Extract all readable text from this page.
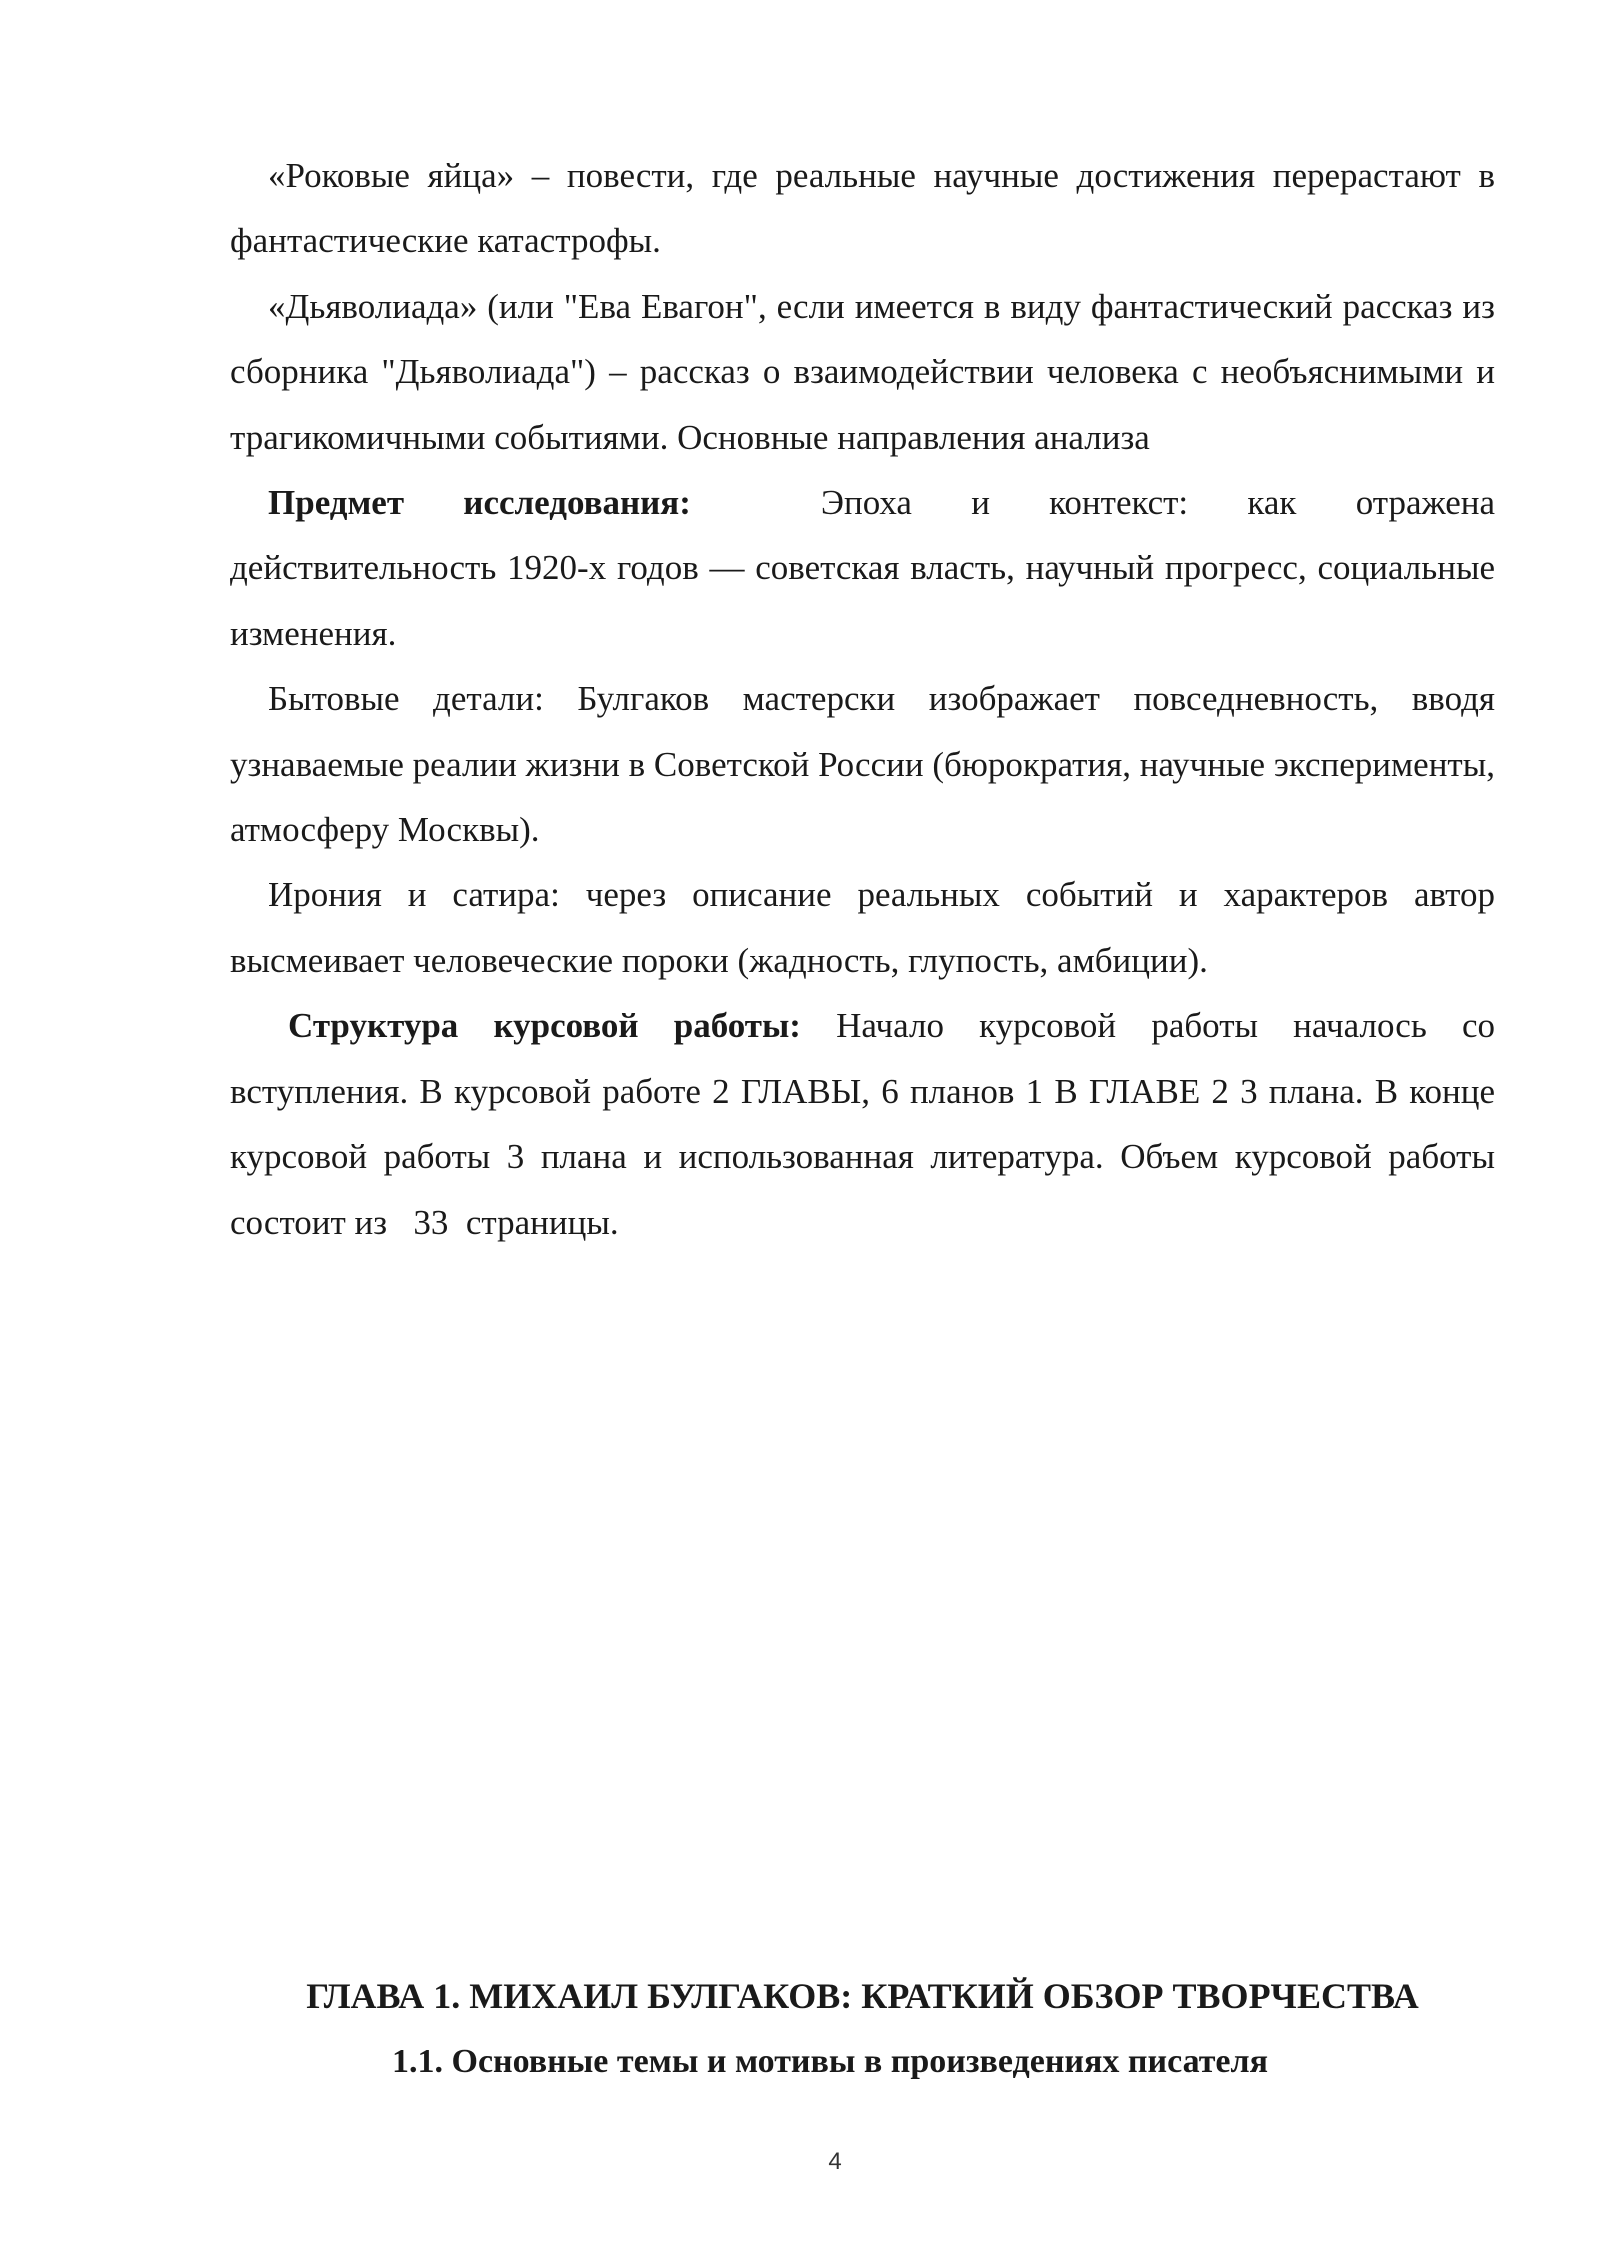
«Роковые яйца» – повести, где реальные научные достижения перерастают в фантастические катастрофы.

«Дьяволиада» (или "Ева Евагон", если имеется в виду фантастический рассказ из сборника "Дьяволиада") – рассказ о взаимодействии человека с необъяснимыми и трагикомичными событиями. Основные направления анализа

Предмет исследования:	Эпоха и контекст: как отражена действительность 1920-х годов — советская власть, научный прогресс, социальные изменения.

Бытовые детали: Булгаков мастерски изображает повседневность, вводя узнаваемые реалии жизни в Советской России (бюрократия, научные эксперименты, атмосферу Москвы).

Ирония и сатира: через описание реальных событий и характеров автор высмеивает человеческие пороки (жадность, глупость, амбиции).

Структура курсовой работы: Начало курсовой работы началось со вступления. В курсовой работе 2 ГЛАВЫ, 6 планов 1 В ГЛАВЕ 2 3 плана. В конце курсовой работы 3 плана и использованная литература. Объем курсовой работы состоит из   33  страницы.

ГЛАВА 1. МИХАИЛ БУЛГАКОВ: КРАТКИЙ ОБЗОР ТВОРЧЕСТВА
1.1. Основные темы и мотивы в произведениях писателя
4
